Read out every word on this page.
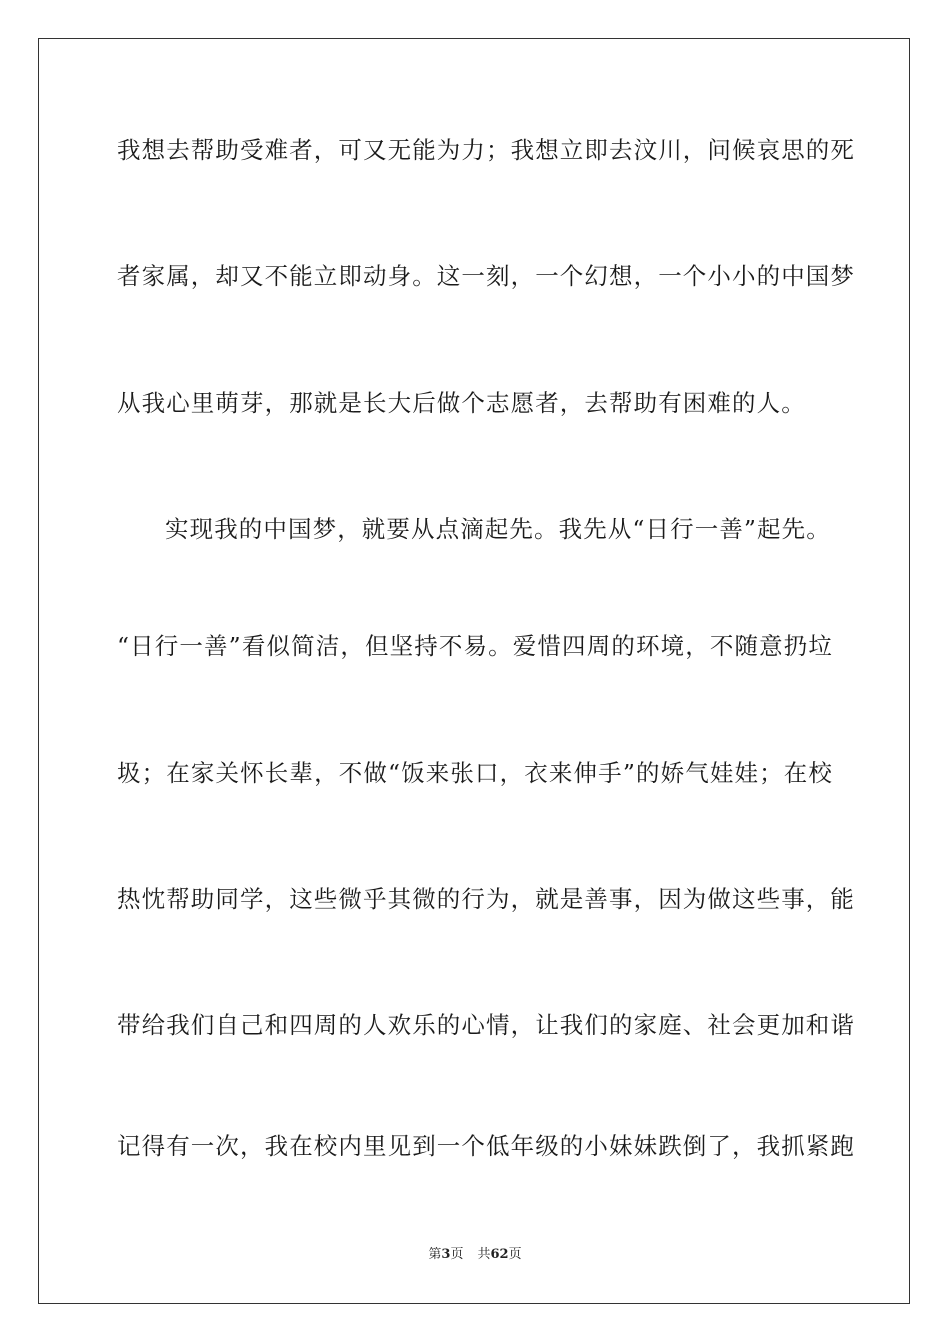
我想去帮助受难者，可又无能为力；我想立即去汶川，问候哀思的死
者家属，却又不能立即动身。这一刻，一个幻想，一个小小的中国梦
从我心里萌芽，那就是长大后做个志愿者，去帮助有困难的人。
实现我的中国梦，就要从点滴起先。我先从“日行一善”起先。
“日行一善”看似简洁，但坚持不易。爱惜四周的环境，不随意扔垃
圾；在家关怀长辈，不做“饭来张口，衣来伸手”的娇气娃娃；在校
热忱帮助同学，这些微乎其微的行为，就是善事，因为做这些事，能
带给我们自己和四周的人欢乐的心情，让我们的家庭、社会更加和谐
记得有一次，我在校内里见到一个低年级的小妹妹跌倒了，我抓紧跑
第3页 共62页
